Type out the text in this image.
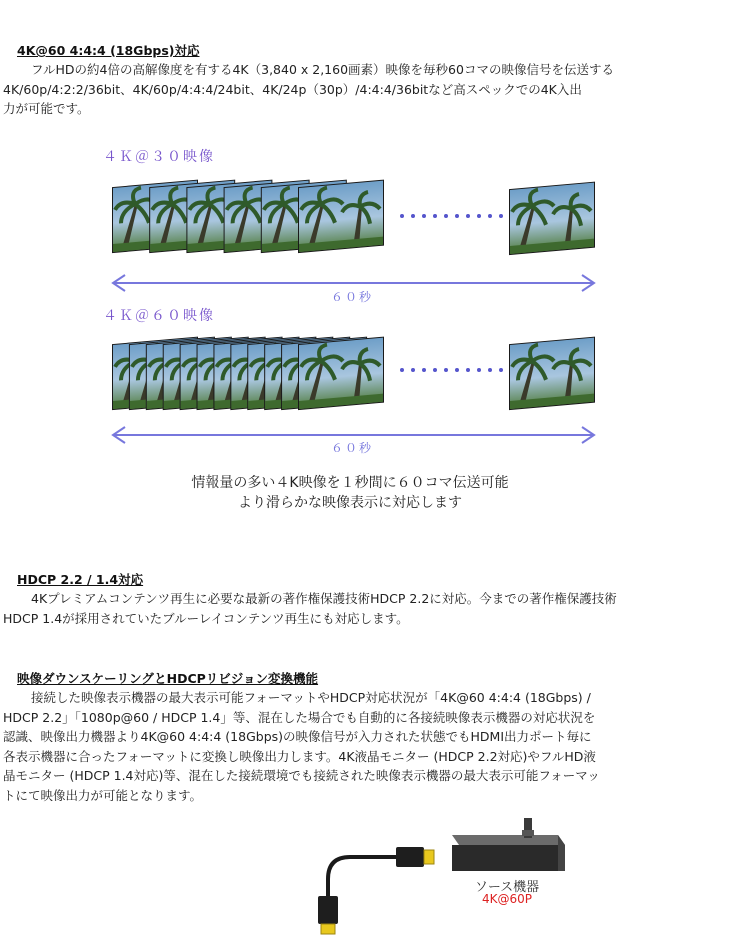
4K@60 4:4:4 (18Gbps)対応

フルHDの約4倍の高解像度を有する4K（3,840 x 2,160画素）映像を毎秒60コマの映像信号を伝送する
4K/60p/4:2:2/36bit、4K/60p/4:4:4/24bit、4K/24p（30p）/4:4:4/36bitなど高スペックでの4K入出
力が可能です。

４Ｋ＠３０映像
４Ｋ＠６０映像
６０秒
６０秒
情報量の多い４K映像を１秒間に６０コマ伝送可能
より滑らかな映像表示に対応します
HDCP 2.2 / 1.4対応

4Kプレミアムコンテンツ再生に必要な最新の著作権保護技術HDCP 2.2に対応。今までの著作権保護技術
HDCP 1.4が採用されていたブルーレイコンテンツ再生にも対応します。

映像ダウンスケーリングとHDCPリビジョン変換機能

接続した映像表示機器の最大表示可能フォーマットやHDCP対応状況が「4K@60 4:4:4 (18Gbps) /
HDCP 2.2」「1080p@60 / HDCP 1.4」等、混在した場合でも自動的に各接続映像表示機器の対応状況を
認識、映像出力機器より4K@60 4:4:4 (18Gbps)の映像信号が入力された状態でもHDMI出力ポート毎に
各表示機器に合ったフォーマットに変換し映像出力します。4K液晶モニター (HDCP 2.2対応)やフルHD液
晶モニター (HDCP 1.4対応)等、混在した接続環境でも接続された映像表示機器の最大表示可能フォーマッ
トにて映像出力が可能となります。

ソース機器
4K@60P
